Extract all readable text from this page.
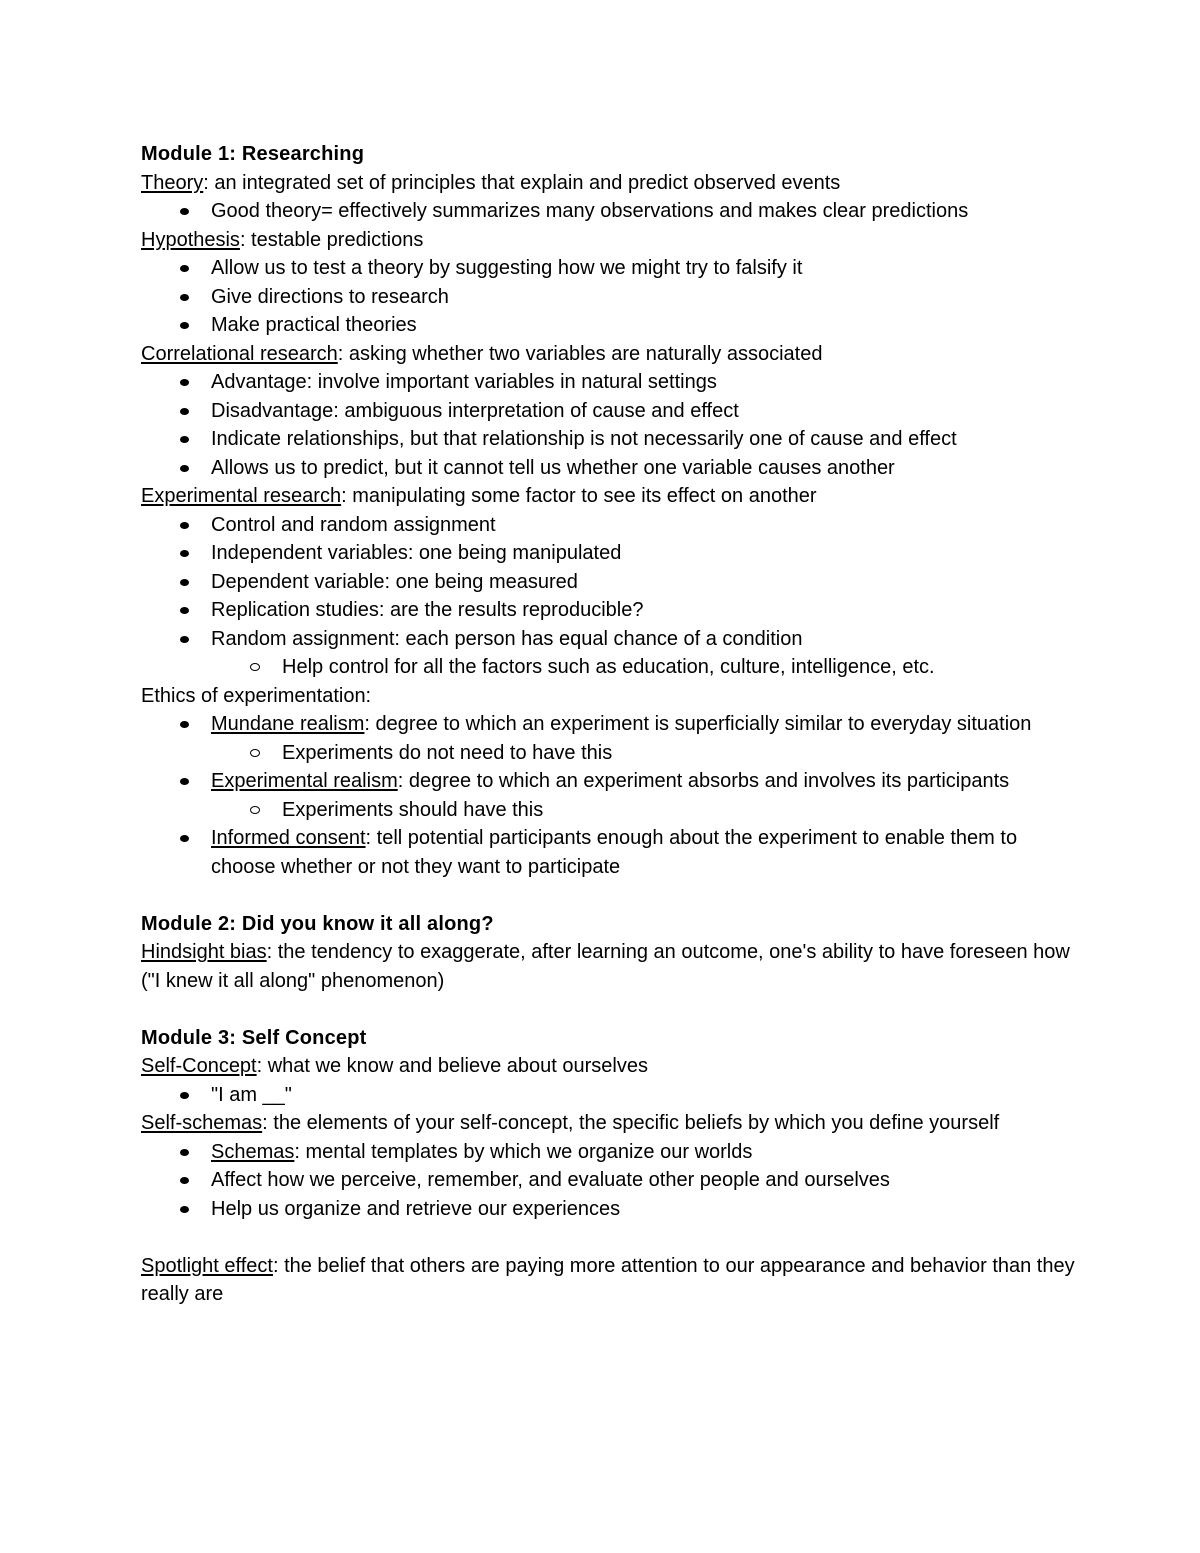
Module 1: Researching

Theory: an integrated set of principles that explain and predict observed events

Good theory= effectively summarizes many observations and makes clear predictions

Hypothesis: testable predictions

Allow us to test a theory by suggesting how we might try to falsify it

Give directions to research

Make practical theories

Correlational research: asking whether two variables are naturally associated

Advantage: involve important variables in natural settings

Disadvantage: ambiguous interpretation of cause and effect

Indicate relationships, but that relationship is not necessarily one of cause and effect

Allows us to predict, but it cannot tell us whether one variable causes another

Experimental research: manipulating some factor to see its effect on another

Control and random assignment

Independent variables: one being manipulated

Dependent variable: one being measured

Replication studies: are the results reproducible?

Random assignment: each person has equal chance of a condition

Help control for all the factors such as education, culture, intelligence, etc.

Ethics of experimentation:

Mundane realism: degree to which an experiment is superficially similar to everyday situation

Experiments do not need to have this

Experimental realism: degree to which an experiment absorbs and involves its participants

Experiments should have this

Informed consent: tell potential participants enough about the experiment to enable them to choose whether or not they want to participate

Module 2: Did you know it all along?

Hindsight bias: the tendency to exaggerate, after learning an outcome, one's ability to have foreseen how ("I knew it all along" phenomenon)

Module 3: Self Concept

Self-Concept: what we know and believe about ourselves

"I am __"

Self-schemas: the elements of your self-concept, the specific beliefs by which you define yourself

Schemas: mental templates by which we organize our worlds

Affect how we perceive, remember, and evaluate other people and ourselves

Help us organize and retrieve our experiences

Spotlight effect: the belief that others are paying more attention to our appearance and behavior than they really are
